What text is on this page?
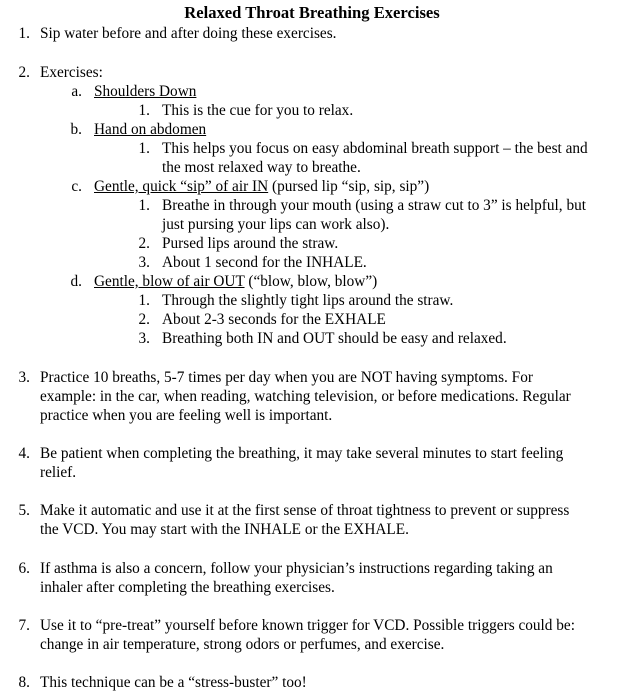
Relaxed Throat Breathing Exercises
1. Sip water before and after doing these exercises.
2. Exercises:
a. Shoulders Down
1. This is the cue for you to relax.
b. Hand on abdomen
1. This helps you focus on easy abdominal breath support – the best and
the most relaxed way to breathe.
c. Gentle, quick “sip” of air IN (pursed lip “sip, sip, sip”)
1. Breathe in through your mouth (using a straw cut to 3” is helpful, but
just pursing your lips can work also).
2. Pursed lips around the straw.
3. About 1 second for the INHALE.
d. Gentle, blow of air OUT (“blow, blow, blow”)
1. Through the slightly tight lips around the straw.
2. About 2-3 seconds for the EXHALE
3. Breathing both IN and OUT should be easy and relaxed.
3. Practice 10 breaths, 5-7 times per day when you are NOT having symptoms. For
example: in the car, when reading, watching television, or before medications. Regular
practice when you are feeling well is important.
4. Be patient when completing the breathing, it may take several minutes to start feeling
relief.
5. Make it automatic and use it at the first sense of throat tightness to prevent or suppress
the VCD. You may start with the INHALE or the EXHALE.
6. If asthma is also a concern, follow your physician’s instructions regarding taking an
inhaler after completing the breathing exercises.
7. Use it to “pre-treat” yourself before known trigger for VCD. Possible triggers could be:
change in air temperature, strong odors or perfumes, and exercise.
8. This technique can be a “stress-buster” too!
